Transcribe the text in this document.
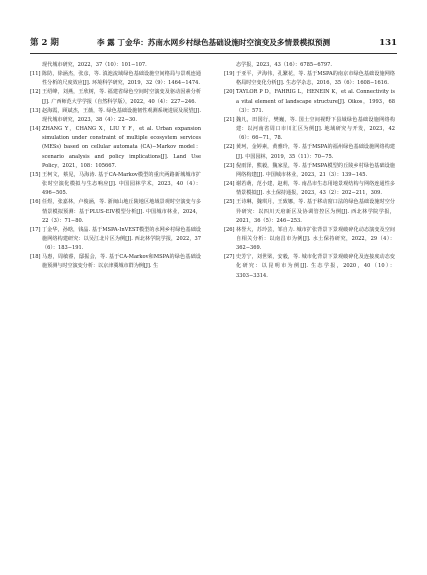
第 2 期	李 露 丁金华：苏南水网乡村绿色基础设施时空演变及多情景模拟预测	131
现代城市研究，2022，37（10）：101−107.
[11] 陈防，徐涵杰，张彦，等. 滇池流域绿色基础设施空间格局与景观连通性分析的尺度效应[J]. 环境科学研究，2019，32（9）：1464−1474.
[12] 王绍峰，刘燕，王欣树，等. 福建省绿色空间时空演变及驱动因素分析[J]. 广西师范大学学报（自然科学版），2022，40（4）：227−246.
[13] 赵海霞，顾斌杰，王薇，等. 绿色基础设施韧性观测系统进展及展望[J]. 现代城市研究，2023，38（4）：22−30.
[14] ZHANG Y，CHANG X，LIU Y F，et al. Urban expansion simulation under constraint of multiple ecosystem services (MESs) based on cellular automata (CA)−Markov model：scenario analysis and policy implications[J]. Land Use Policy，2021，108：105667.
[15] 王柯文，蔡见，马海涛. 基于CA-Markov模型的重庆两路新城城市扩张时空演化模拟与生态响应[J]. 中国园林学术，2023，40（4）：496−505.
[16] 任煜，张嘉林，卢俊涵，等. 浙闽山地丘陵地区地域景观时空演变与多情景模拟预测：基于PLUS-EIV模型分析[J]. 中国城市林业，2024，22（3）：71−80.
[17] 丁金华，孙晗，钱晶. 基于MSPA-InVEST模型的水网乡村绿色基础设施网络构建研究：以吴江北片区为例[J]. 西北林学院学报，2022，37（6）：183−191.
[18] 马惠，周敏睿，邸振会，等. 基于CA-Markov和MSPA的绿色基础设施预测与时空演变分析：以京津冀城市群为例[J]. 生
态学报，2023，43（16）：6785−6797.
[19] 于亚平，尹海伟，孔繁花，等. 基于MSPA的南京市绿色基础设施网络格局时空变化分析[J]. 生态学杂志，2016，35（6）：1608−1616.
[20] TAYLOR P D，FAHRIG L，HENEIN K，et al. Connectivity is a vital element of landscape structure[J]. Oikos，1993，68（3）：571.
[21] 魏凡，田国行，樊巍，等. 国土空间视野下县域绿色基础设施网络构建：以河南省周口市川汇区为例[J]. 地域研究与开发，2023，42（6）：66−71，78.
[22] 黄珂，金婷素，黄雅玲，等. 基于MSPA的福州绿色基础设施网络构建[J]. 中国园林，2019，35（11）：70−75.
[23] 倪雨泽，熊毅，魏家星，等. 基于MSPA模型的丘陵乡村绿色基础设施网络构建[J]. 中国城市林业，2023，21（3）：139−145.
[24] 谢若萌，范小建，赵莉，等. 南昌市生态用地景观结构与网络连通性多情景模拟[J]. 水土保持通报，2023，43（2）：202−211，309.
[25] 王诗琳，魏琪月，王致娜，等. 基于移动窗口法的绿色基础设施时空分异研究：以四川天府新区及协调管控区为例[J]. 西北林学院学报，2021，36（5）：246−253.
[26] 林誉大，苏玲芸，邹自力. 城市扩张背景下景观破碎化动态演变及空间自相关分析：以南昌市为例[J]. 水土保持研究，2022，29（4）：362−369.
[27] 史芳宁，刘世梁，安毅，等. 城市化背景下景观破碎化及连接度动态变化研究：以昆明市为例[J]. 生态学报，2020，40（10）：3303−3314.
